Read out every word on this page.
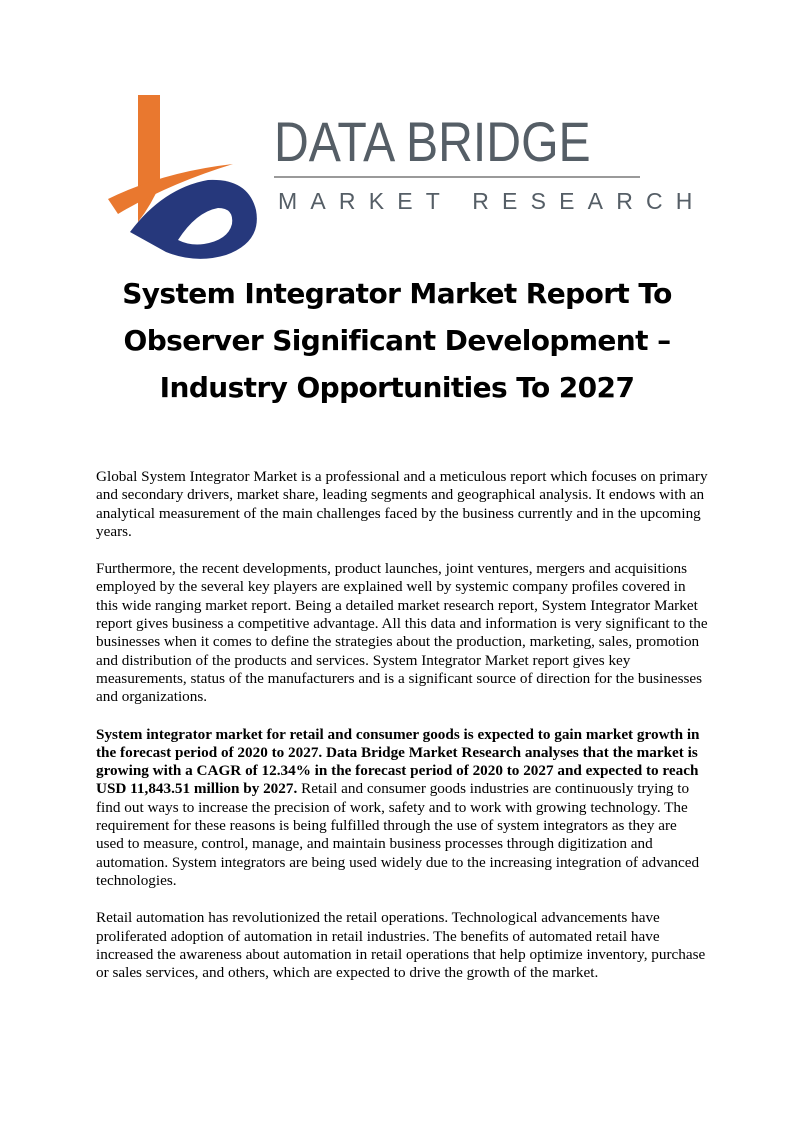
DATA BRIDGE
MARKET RESEARCH
System Integrator Market Report To Observer Significant Development – Industry Opportunities To 2027

Global System Integrator Market is a professional and a meticulous report which focuses on primary and secondary drivers, market share, leading segments and geographical analysis. It endows with an analytical measurement of the main challenges faced by the business currently and in the upcoming years.

Furthermore, the recent developments, product launches, joint ventures, mergers and acquisitions employed by the several key players are explained well by systemic company profiles covered in this wide ranging market report. Being a detailed market research report, System Integrator Market report gives business a competitive advantage. All this data and information is very significant to the businesses when it comes to define the strategies about the production, marketing, sales, promotion and distribution of the products and services. System Integrator Market report gives key measurements, status of the manufacturers and is a significant source of direction for the businesses and organizations.

System integrator market for retail and consumer goods is expected to gain market growth in the forecast period of 2020 to 2027. Data Bridge Market Research analyses that the market is growing with a CAGR of 12.34% in the forecast period of 2020 to 2027 and expected to reach USD 11,843.51 million by 2027. Retail and consumer goods industries are continuously trying to find out ways to increase the precision of work, safety and to work with growing technology. The requirement for these reasons is being fulfilled through the use of system integrators as they are used to measure, control, manage, and maintain business processes through digitization and automation. System integrators are being used widely due to the increasing integration of advanced technologies.

Retail automation has revolutionized the retail operations. Technological advancements have proliferated adoption of automation in retail industries. The benefits of automated retail have increased the awareness about automation in retail operations that help optimize inventory, purchase or sales services, and others, which are expected to drive the growth of the market.
